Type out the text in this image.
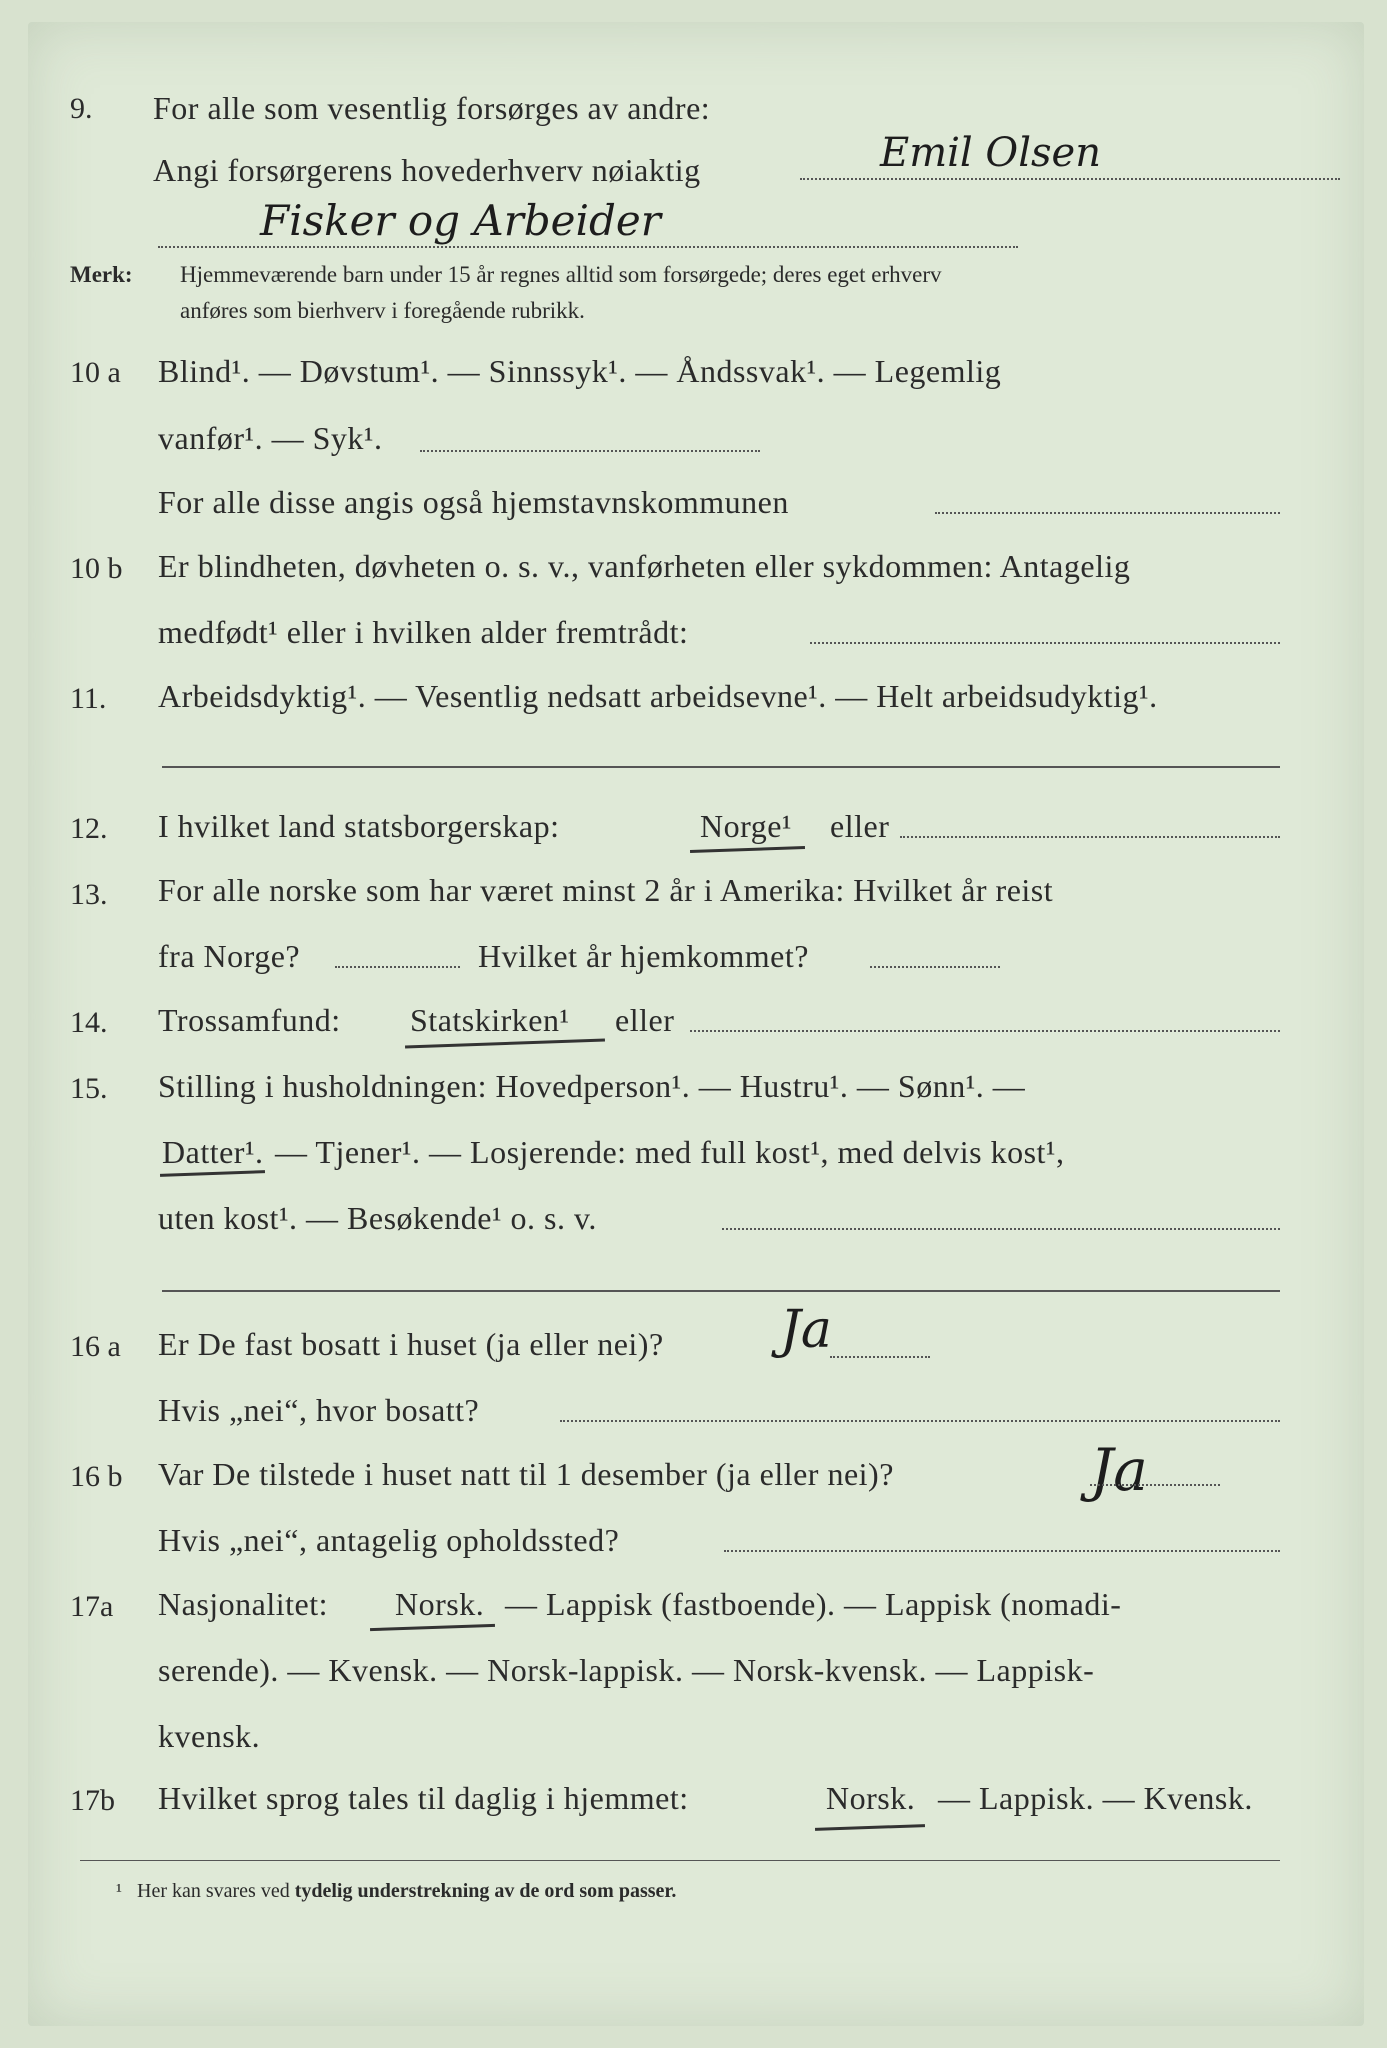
9. For alle som vesentlig forsørges av andre:
Angi forsørgerens hovederhverv nøiaktig	Emil Olsen
Fisker og Arbeider
Merk: Hjemmeværende barn under 15 år regnes alltid som forsørgede; deres eget erhverv
anføres som bierhverv i foregående rubrikk.
10 a Blind¹. — Døvstum¹. — Sinnssyk¹. — Åndssvak¹. — Legemlig
vanfør¹. — Syk¹.
For alle disse angis også hjemstavnskommunen
10 b Er blindheten, døvheten o. s. v., vanførheten eller sykdommen: Antagelig
medfødt¹ eller i hvilken alder fremtrådt:
11. Arbeidsdyktig¹. — Vesentlig nedsatt arbeidsevne¹. — Helt arbeidsudyktig¹.
12. I hvilket land statsborgerskap:	Norge¹ eller
13. For alle norske som har været minst 2 år i Amerika: Hvilket år reist
fra Norge?	Hvilket år hjemkommet?
14. Trossamfund: Statskirken¹ eller
15. Stilling i husholdningen: Hovedperson¹. — Hustru¹. — Sønn¹. —
Datter¹. — Tjener¹. — Losjerende: med full kost¹, med delvis kost¹,
uten kost¹. — Besøkende¹ o. s. v.
16 a Er De fast bosatt i huset (ja eller nei)? Ja
Hvis „nei“, hvor bosatt?
16 b Var De tilstede i huset natt til 1 desember (ja eller nei)?	Ja
Hvis „nei“, antagelig opholdssted?
17a Nasjonalitet: Norsk. — Lappisk (fastboende). — Lappisk (nomadi-
serende). — Kvensk. — Norsk-lappisk. — Norsk-kvensk. — Lappisk-
kvensk.
17b Hvilket sprog tales til daglig i hjemmet:	Norsk. — Lappisk. — Kvensk.
¹ Her kan svares ved tydelig understrekning av de ord som passer.
